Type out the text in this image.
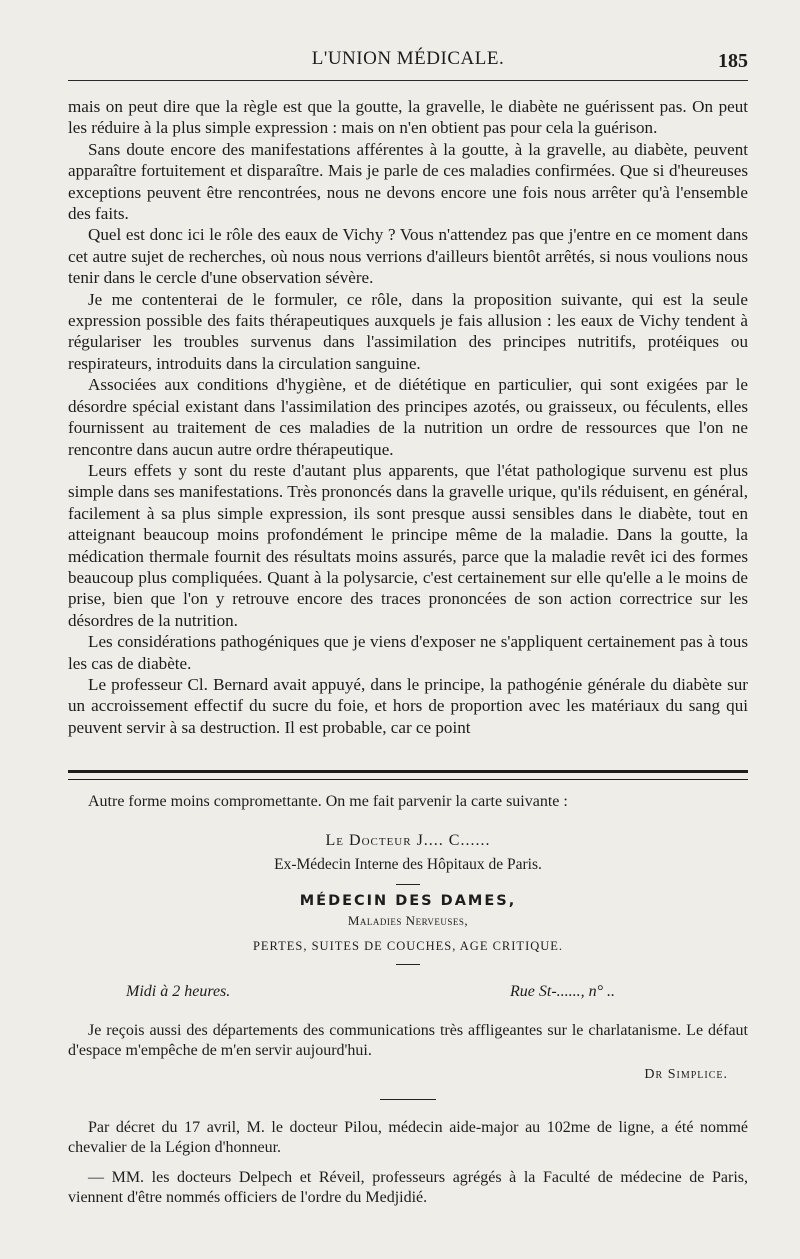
L'UNION MÉDICALE.	185

mais on peut dire que la règle est que la goutte, la gravelle, le diabète ne guérissent pas. On peut les réduire à la plus simple expression : mais on n'en obtient pas pour cela la guérison.

Sans doute encore des manifestations afférentes à la goutte, à la gravelle, au diabète, peuvent apparaître fortuitement et disparaître. Mais je parle de ces maladies confirmées. Que si d'heureuses exceptions peuvent être rencontrées, nous ne devons encore une fois nous arrêter qu'à l'ensemble des faits.

Quel est donc ici le rôle des eaux de Vichy ? Vous n'attendez pas que j'entre en ce moment dans cet autre sujet de recherches, où nous nous verrions d'ailleurs bientôt arrêtés, si nous voulions nous tenir dans le cercle d'une observation sévère.

Je me contenterai de le formuler, ce rôle, dans la proposition suivante, qui est la seule expression possible des faits thérapeutiques auxquels je fais allusion : les eaux de Vichy tendent à régulariser les troubles survenus dans l'assimilation des principes nutritifs, protéiques ou respirateurs, introduits dans la circulation sanguine.

Associées aux conditions d'hygiène, et de diététique en particulier, qui sont exigées par le désordre spécial existant dans l'assimilation des principes azotés, ou graisseux, ou féculents, elles fournissent au traitement de ces maladies de la nutrition un ordre de ressources que l'on ne rencontre dans aucun autre ordre thérapeutique.

Leurs effets y sont du reste d'autant plus apparents, que l'état pathologique survenu est plus simple dans ses manifestations. Très prononcés dans la gravelle urique, qu'ils réduisent, en général, facilement à sa plus simple expression, ils sont presque aussi sensibles dans le diabète, tout en atteignant beaucoup moins profondément le principe même de la maladie. Dans la goutte, la médication thermale fournit des résultats moins assurés, parce que la maladie revêt ici des formes beaucoup plus compliquées. Quant à la polysarcie, c'est certainement sur elle qu'elle a le moins de prise, bien que l'on y retrouve encore des traces prononcées de son action correctrice sur les désordres de la nutrition.

Les considérations pathogéniques que je viens d'exposer ne s'appliquent certainement pas à tous les cas de diabète.

Le professeur Cl. Bernard avait appuyé, dans le principe, la pathogénie générale du diabète sur un accroissement effectif du sucre du foie, et hors de proportion avec les matériaux du sang qui peuvent servir à sa destruction. Il est probable, car ce point

Autre forme moins compromettante. On me fait parvenir la carte suivante :

Le Docteur J.... C......
Ex-Médecin Interne des Hôpitaux de Paris.
MÉDECIN DES DAMES,
Maladies Nerveuses,
PERTES, SUITES DE COUCHES, AGE CRITIQUE.
Midi à 2 heures.	Rue St-......, n° ..

Je reçois aussi des départements des communications très affligeantes sur le charlatanisme. Le défaut d'espace m'empêche de m'en servir aujourd'hui.

Dr Simplice.

Par décret du 17 avril, M. le docteur Pilou, médecin aide-major au 102me de ligne, a été nommé chevalier de la Légion d'honneur.

— MM. les docteurs Delpech et Réveil, professeurs agrégés à la Faculté de médecine de Paris, viennent d'être nommés officiers de l'ordre du Medjidié.
